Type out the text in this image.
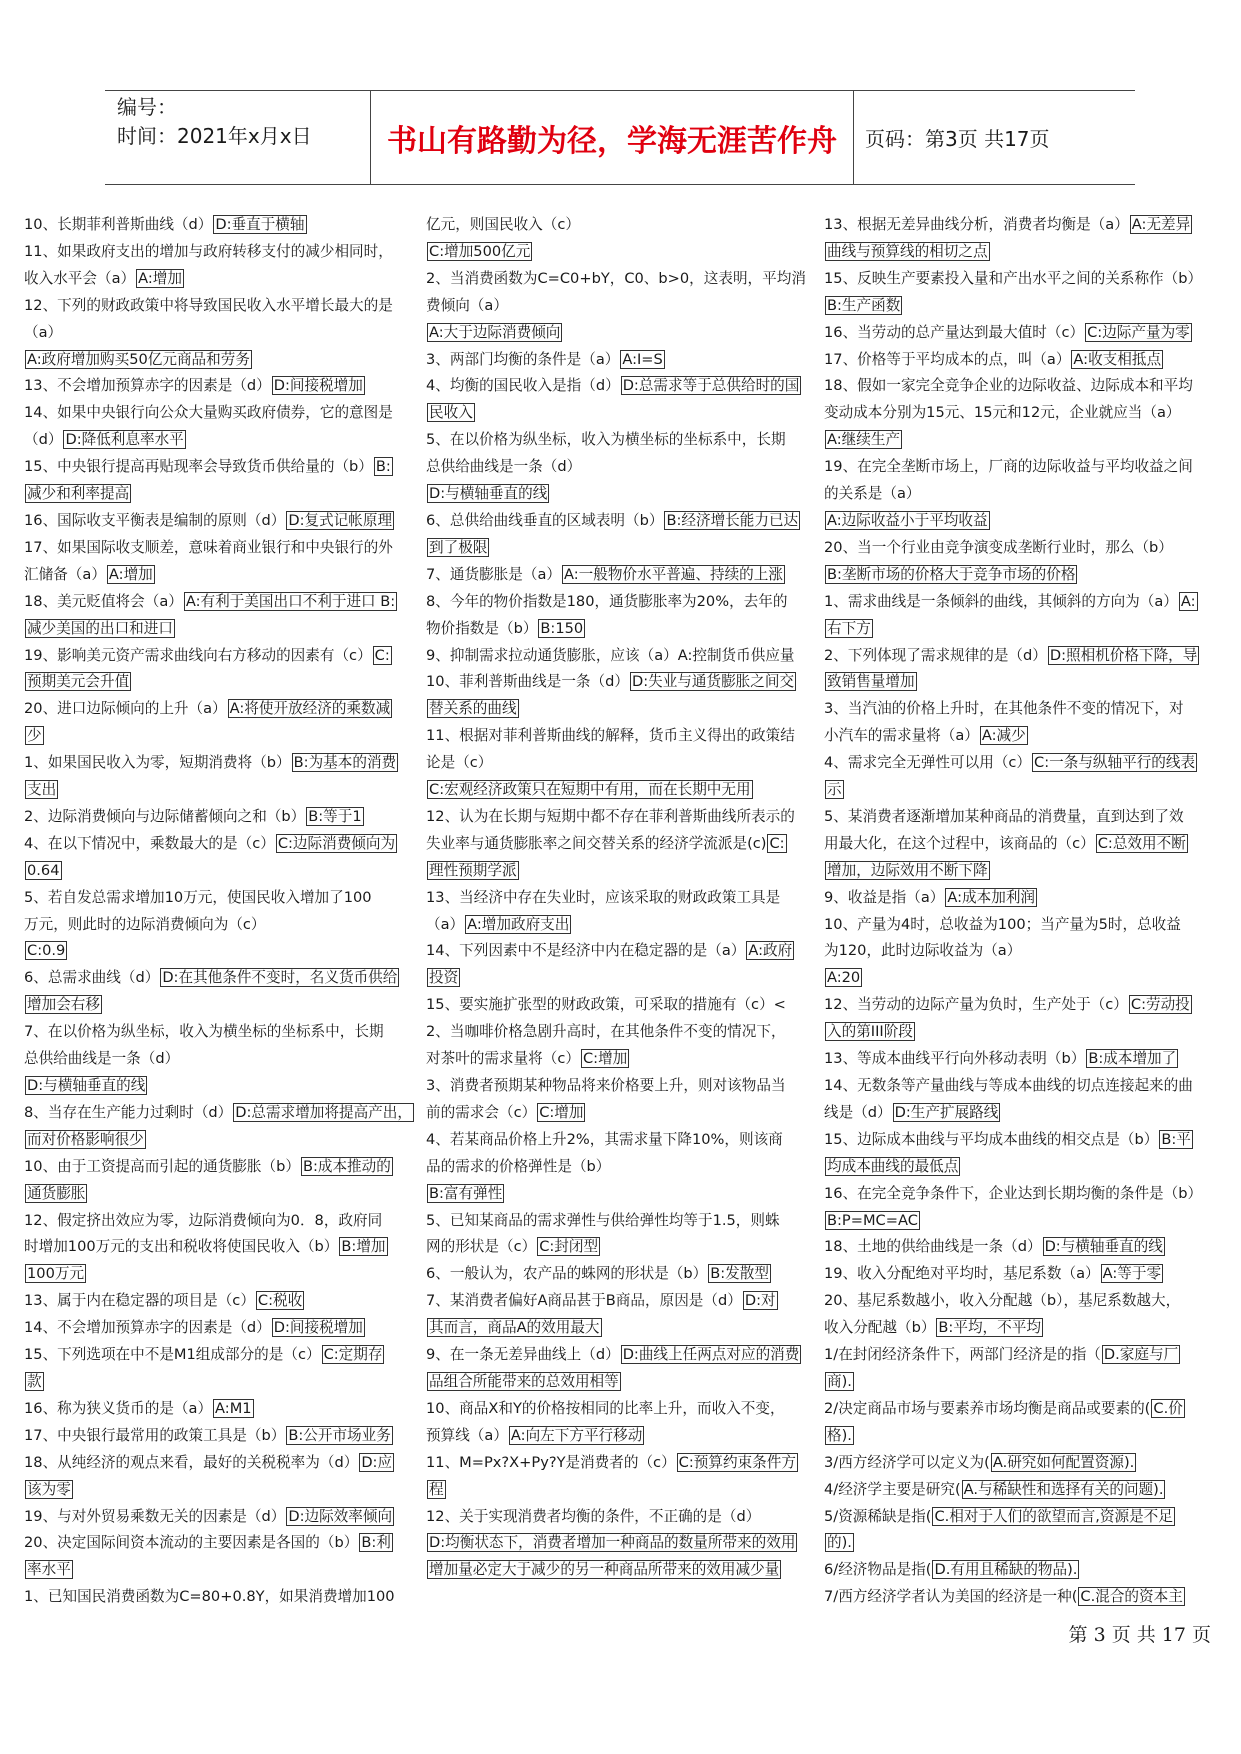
编号：
时间：2021年x月x日	书山有路勤为径，学海无涯苦作舟	页码：第3页 共17页
10、长期菲利普斯曲线（d） D:垂直于横轴
11、如果政府支出的增加与政府转移支付的减少相同时，
收入水平会（a） A:增加
12、下列的财政政策中将导致国民收入水平增长最大的是
（a）
A:政府增加购买50亿元商品和劳务
13、不会增加预算赤字的因素是（d） D:间接税增加
14、如果中央银行向公众大量购买政府债券，它的意图是
（d） D:降低利息率水平
15、中央银行提高再贴现率会导致货币供给量的（b） B:
减少和利率提高
16、国际收支平衡表是编制的原则（d） D:复式记帐原理
17、如果国际收支顺差，意味着商业银行和中央银行的外
汇储备（a） A:增加
18、美元贬值将会（a） A:有利于美国出口不利于进口 B:
减少美国的出口和进口
19、影响美元资产需求曲线向右方移动的因素有（c） C:
预期美元会升值
20、进口边际倾向的上升（a） A:将使开放经济的乘数减
少
1、如果国民收入为零，短期消费将（b） B:为基本的消费
支出
2、边际消费倾向与边际储蓄倾向之和（b） B:等于1
4、在以下情况中，乘数最大的是（c） C:边际消费倾向为
0.64
5、若自发总需求增加10万元，使国民收入增加了100
万元，则此时的边际消费倾向为（c）
C:0.9
6、总需求曲线（d） D:在其他条件不变时，名义货币供给
增加会右移
7、在以价格为纵坐标，收入为横坐标的坐标系中，长期
总供给曲线是一条（d）
D:与横轴垂直的线
8、当存在生产能力过剩时（d） D:总需求增加将提高产出，
而对价格影响很少
10、由于工资提高而引起的通货膨胀（b） B:成本推动的
通货膨胀
12、假定挤出效应为零，边际消费倾向为0．8，政府同
时增加100万元的支出和税收将使国民收入（b） B:增加
100万元
13、属于内在稳定器的项目是（c） C:税收
14、不会增加预算赤字的因素是（d） D:间接税增加
15、下列选项在中不是M1组成部分的是（c） C:定期存
款
16、称为狭义货币的是（a） A:M1
17、中央银行最常用的政策工具是（b） B:公开市场业务
18、从纯经济的观点来看，最好的关税税率为（d） D:应
该为零
19、与对外贸易乘数无关的因素是（d） D:边际效率倾向
20、决定国际间资本流动的主要因素是各国的（b） B:利
率水平
1、已知国民消费函数为C=80+0.8Y，如果消费增加100
亿元，则国民收入（c）
C:增加500亿元
2、当消费函数为C=C0+bY，C0、b>0，这表明，平均消
费倾向（a）
A:大于边际消费倾向
3、两部门均衡的条件是（a） A:I=S
4、均衡的国民收入是指（d） D:总需求等于总供给时的国
民收入
5、在以价格为纵坐标，收入为横坐标的坐标系中，长期
总供给曲线是一条（d）
D:与横轴垂直的线
6、总供给曲线垂直的区域表明（b） B:经济增长能力已达
到了极限
7、通货膨胀是（a） A:一般物价水平普遍、持续的上涨
8、今年的物价指数是180，通货膨胀率为20%，去年的
物价指数是（b） B:150
9、抑制需求拉动通货膨胀，应该（a）A:控制货币供应量
10、菲利普斯曲线是一条（d） D:失业与通货膨胀之间交
替关系的曲线
11、根据对菲利普斯曲线的解释，货币主义得出的政策结
论是（c）
C:宏观经济政策只在短期中有用，而在长期中无用
12、认为在长期与短期中都不存在菲利普斯曲线所表示的
失业率与通货膨胀率之间交替关系的经济学流派是(c) C:
理性预期学派
13、当经济中存在失业时，应该采取的财政政策工具是
（a） A:增加政府支出
14、下列因素中不是经济中内在稳定器的是（a） A:政府
投资
15、要实施扩张型的财政政策，可采取的措施有（c）<
2、当咖啡价格急剧升高时，在其他条件不变的情况下，
对茶叶的需求量将（c） C:增加
3、消费者预期某种物品将来价格要上升，则对该物品当
前的需求会（c） C:增加
4、若某商品价格上升2%，其需求量下降10%，则该商
品的需求的价格弹性是（b）
B:富有弹性
5、已知某商品的需求弹性与供给弹性均等于1.5，则蛛
网的形状是（c） C:封闭型
6、一般认为，农产品的蛛网的形状是（b） B:发散型
7、某消费者偏好A商品甚于B商品，原因是（d） D:对
其而言，商品A的效用最大
9、在一条无差异曲线上（d） D:曲线上任两点对应的消费
品组合所能带来的总效用相等
10、商品X和Y的价格按相同的比率上升，而收入不变，
预算线（a） A:向左下方平行移动
11、M=Px?X+Py?Y是消费者的（c） C:预算约束条件方
程
12、关于实现消费者均衡的条件，不正确的是（d）
D:均衡状态下，消费者增加一种商品的数量所带来的效用
增加量必定大于减少的另一种商品所带来的效用减少量
13、根据无差异曲线分析，消费者均衡是（a） A:无差异
曲线与预算线的相切之点
15、反映生产要素投入量和产出水平之间的关系称作（b）
B:生产函数
16、当劳动的总产量达到最大值时（c） C:边际产量为零
17、价格等于平均成本的点，叫（a） A:收支相抵点
18、假如一家完全竞争企业的边际收益、边际成本和平均
变动成本分别为15元、15元和12元，企业就应当（a）
A:继续生产
19、在完全垄断市场上，厂商的边际收益与平均收益之间
的关系是（a）
A:边际收益小于平均收益
20、当一个行业由竞争演变成垄断行业时，那么（b）
B:垄断市场的价格大于竞争市场的价格
1、需求曲线是一条倾斜的曲线，其倾斜的方向为（a） A:
右下方
2、下列体现了需求规律的是（d） D:照相机价格下降，导
致销售量增加
3、当汽油的价格上升时，在其他条件不变的情况下，对
小汽车的需求量将（a） A:减少
4、需求完全无弹性可以用（c） C:一条与纵轴平行的线表
示
5、某消费者逐渐增加某种商品的消费量，直到达到了效
用最大化，在这个过程中，该商品的（c） C:总效用不断
增加，边际效用不断下降
9、收益是指（a） A:成本加利润
10、产量为4时，总收益为100；当产量为5时，总收益
为120，此时边际收益为（a）
A:20
12、当劳动的边际产量为负时，生产处于（c） C:劳动投
入的第III阶段
13、等成本曲线平行向外移动表明（b） B:成本增加了
14、无数条等产量曲线与等成本曲线的切点连接起来的曲
线是（d） D:生产扩展路线
15、边际成本曲线与平均成本曲线的相交点是（b） B:平
均成本曲线的最低点
16、在完全竞争条件下，企业达到长期均衡的条件是（b）
B:P=MC=AC
18、土地的供给曲线是一条（d） D:与横轴垂直的线
19、收入分配绝对平均时，基尼系数（a） A:等于零
20、基尼系数越小，收入分配越（b），基尼系数越大，
收入分配越（b） B:平均，不平均
1/在封闭经济条件下，两部门经济是的指（ D.家庭与厂
商).
2/决定商品市场与要素养市场均衡是商品或要素的( C.价
格).
3/西方经济学可以定义为( A.研究如何配置资源).
4/经济学主要是研究( A.与稀缺性和选择有关的问题).
5/资源稀缺是指( C.相对于人们的欲望而言,资源是不足
的).
6/经济物品是指( D.有用且稀缺的物品).
7/西方经济学者认为美国的经济是一种( C.混合的资本主
第 3 页 共 17 页
